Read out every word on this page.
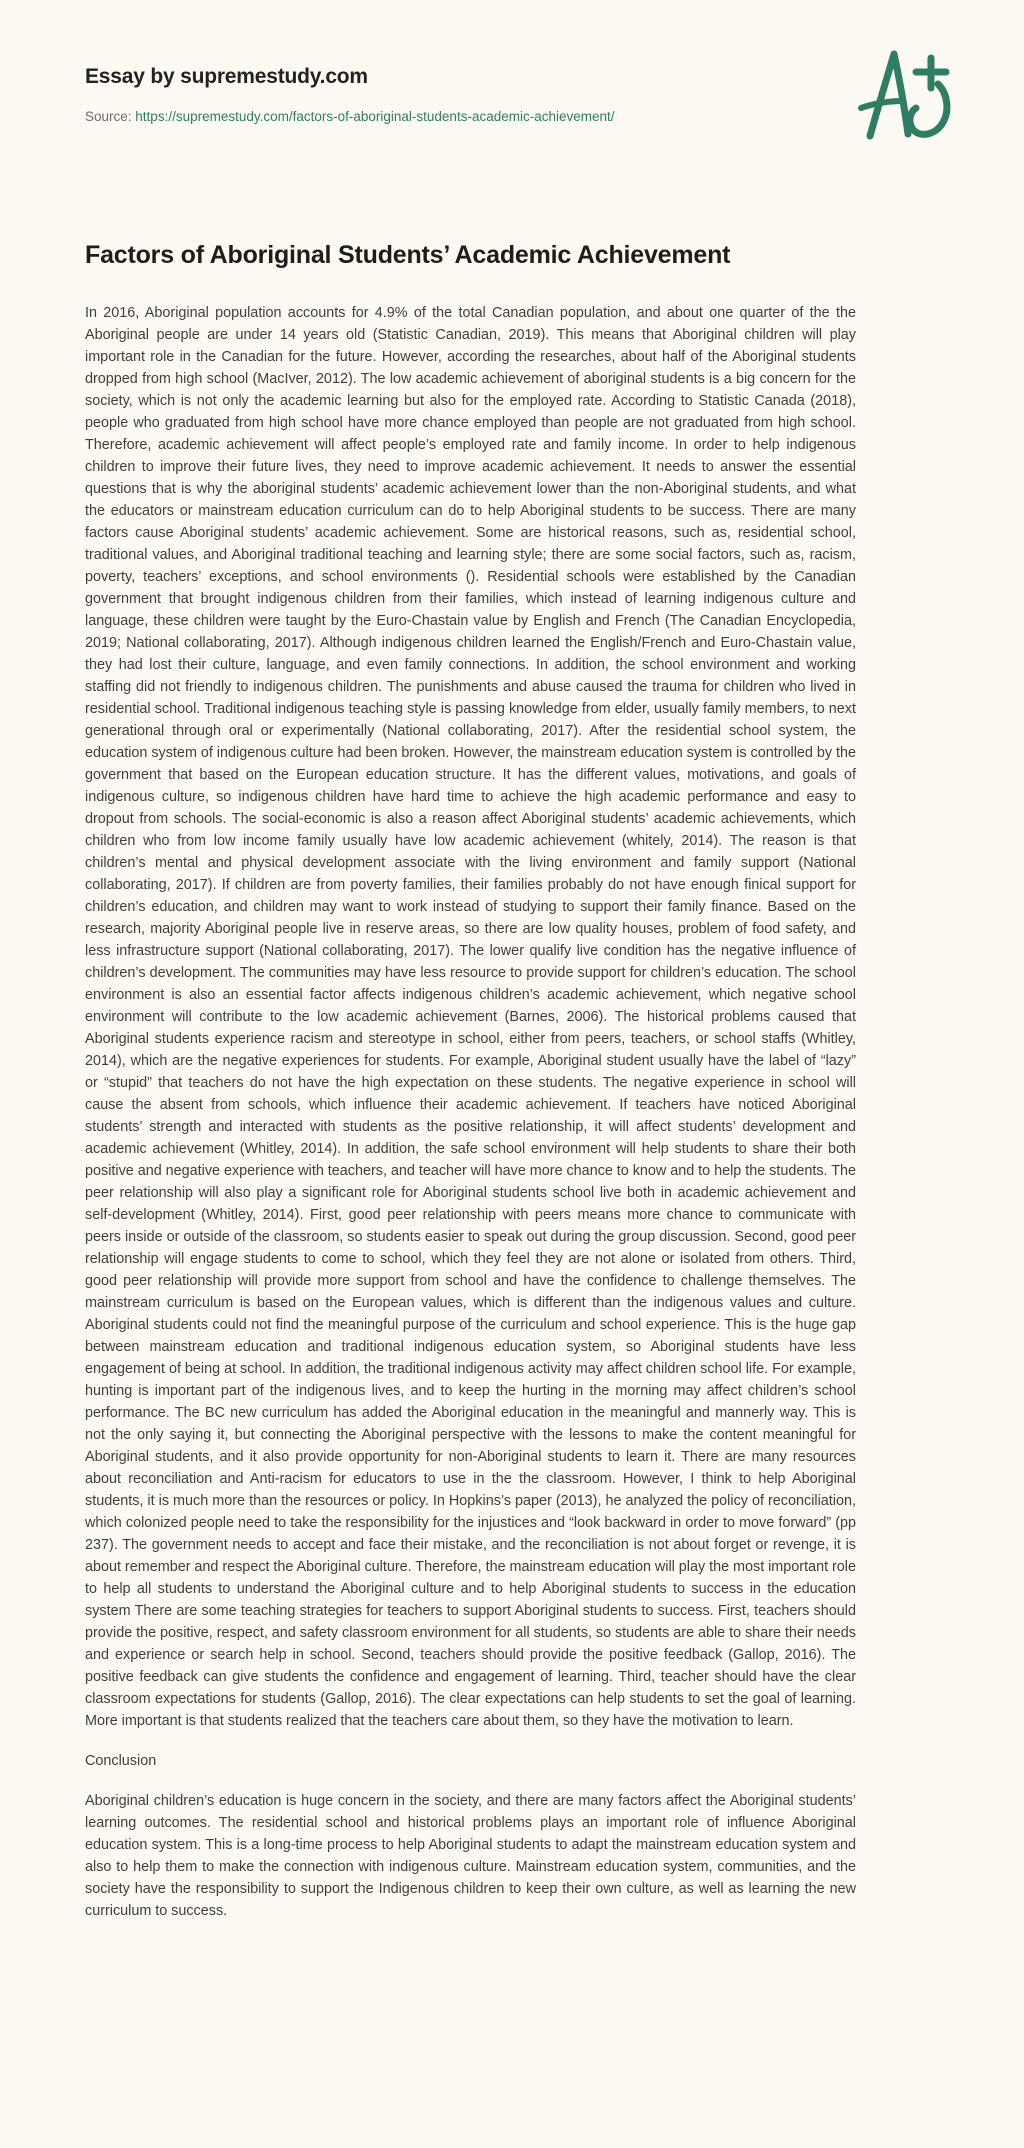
Essay by supremestudy.com
Source: https://supremestudy.com/factors-of-aboriginal-students-academic-achievement/
Factors of Aboriginal Students’ Academic Achievement

In 2016, Aboriginal population accounts for 4.9% of the total Canadian population, and about one quarter of the the Aboriginal people are under 14 years old (Statistic Canadian, 2019). This means that Aboriginal children will play important role in the Canadian for the future. However, according the researches, about half of the Aboriginal students dropped from high school (MacIver, 2012). The low academic achievement of aboriginal students is a big concern for the society, which is not only the academic learning but also for the employed rate. According to Statistic Canada (2018), people who graduated from high school have more chance employed than people are not graduated from high school. Therefore, academic achievement will affect people’s employed rate and family income. In order to help indigenous children to improve their future lives, they need to improve academic achievement. It needs to answer the essential questions that is why the aboriginal students’ academic achievement lower than the non-Aboriginal students, and what the educators or mainstream education curriculum can do to help Aboriginal students to be success. There are many factors cause Aboriginal students’ academic achievement. Some are historical reasons, such as, residential school, traditional values, and Aboriginal traditional teaching and learning style; there are some social factors, such as, racism, poverty, teachers’ exceptions, and school environments (). Residential schools were established by the Canadian government that brought indigenous children from their families, which instead of learning indigenous culture and language, these children were taught by the Euro-Chastain value by English and French (The Canadian Encyclopedia, 2019; National collaborating, 2017). Although indigenous children learned the English/French and Euro-Chastain value, they had lost their culture, language, and even family connections. In addition, the school environment and working staffing did not friendly to indigenous children. The punishments and abuse caused the trauma for children who lived in residential school. Traditional indigenous teaching style is passing knowledge from elder, usually family members, to next generational through oral or experimentally (National collaborating, 2017). After the residential school system, the education system of indigenous culture had been broken. However, the mainstream education system is controlled by the government that based on the European education structure. It has the different values, motivations, and goals of indigenous culture, so indigenous children have hard time to achieve the high academic performance and easy to dropout from schools. The social-economic is also a reason affect Aboriginal students’ academic achievements, which children who from low income family usually have low academic achievement (whitely, 2014). The reason is that children’s mental and physical development associate with the living environment and family support (National collaborating, 2017). If children are from poverty families, their families probably do not have enough finical support for children’s education, and children may want to work instead of studying to support their family finance. Based on the research, majority Aboriginal people live in reserve areas, so there are low quality houses, problem of food safety, and less infrastructure support (National collaborating, 2017). The lower qualify live condition has the negative influence of children’s development. The communities may have less resource to provide support for children’s education. The school environment is also an essential factor affects indigenous children’s academic achievement, which negative school environment will contribute to the low academic achievement (Barnes, 2006). The historical problems caused that Aboriginal students experience racism and stereotype in school, either from peers, teachers, or school staffs (Whitley, 2014), which are the negative experiences for students. For example, Aboriginal student usually have the label of “lazy” or “stupid” that teachers do not have the high expectation on these students. The negative experience in school will cause the absent from schools, which influence their academic achievement. If teachers have noticed Aboriginal students’ strength and interacted with students as the positive relationship, it will affect students’ development and academic achievement (Whitley, 2014). In addition, the safe school environment will help students to share their both positive and negative experience with teachers, and teacher will have more chance to know and to help the students. The peer relationship will also play a significant role for Aboriginal students school live both in academic achievement and self-development (Whitley, 2014). First, good peer relationship with peers means more chance to communicate with peers inside or outside of the classroom, so students easier to speak out during the group discussion. Second, good peer relationship will engage students to come to school, which they feel they are not alone or isolated from others. Third, good peer relationship will provide more support from school and have the confidence to challenge themselves. The mainstream curriculum is based on the European values, which is different than the indigenous values and culture. Aboriginal students could not find the meaningful purpose of the curriculum and school experience. This is the huge gap between mainstream education and traditional indigenous education system, so Aboriginal students have less engagement of being at school. In addition, the traditional indigenous activity may affect children school life. For example, hunting is important part of the indigenous lives, and to keep the hurting in the morning may affect children’s school performance. The BC new curriculum has added the Aboriginal education in the meaningful and mannerly way. This is not the only saying it, but connecting the Aboriginal perspective with the lessons to make the content meaningful for Aboriginal students, and it also provide opportunity for non-Aboriginal students to learn it. There are many resources about reconciliation and Anti-racism for educators to use in the the classroom. However, I think to help Aboriginal students, it is much more than the resources or policy. In Hopkins’s paper (2013), he analyzed the policy of reconciliation, which colonized people need to take the responsibility for the injustices and “look backward in order to move forward” (pp 237). The government needs to accept and face their mistake, and the reconciliation is not about forget or revenge, it is about remember and respect the Aboriginal culture. Therefore, the mainstream education will play the most important role to help all students to understand the Aboriginal culture and to help Aboriginal students to success in the education system There are some teaching strategies for teachers to support Aboriginal students to success. First, teachers should provide the positive, respect, and safety classroom environment for all students, so students are able to share their needs and experience or search help in school. Second, teachers should provide the positive feedback (Gallop, 2016). The positive feedback can give students the confidence and engagement of learning. Third, teacher should have the clear classroom expectations for students (Gallop, 2016). The clear expectations can help students to set the goal of learning. More important is that students realized that the teachers care about them, so they have the motivation to learn.

Conclusion

Aboriginal children’s education is huge concern in the society, and there are many factors affect the Aboriginal students’ learning outcomes. The residential school and historical problems plays an important role of influence Aboriginal education system. This is a long-time process to help Aboriginal students to adapt the mainstream education system and also to help them to make the connection with indigenous culture. Mainstream education system, communities, and the society have the responsibility to support the Indigenous children to keep their own culture, as well as learning the new curriculum to success.
